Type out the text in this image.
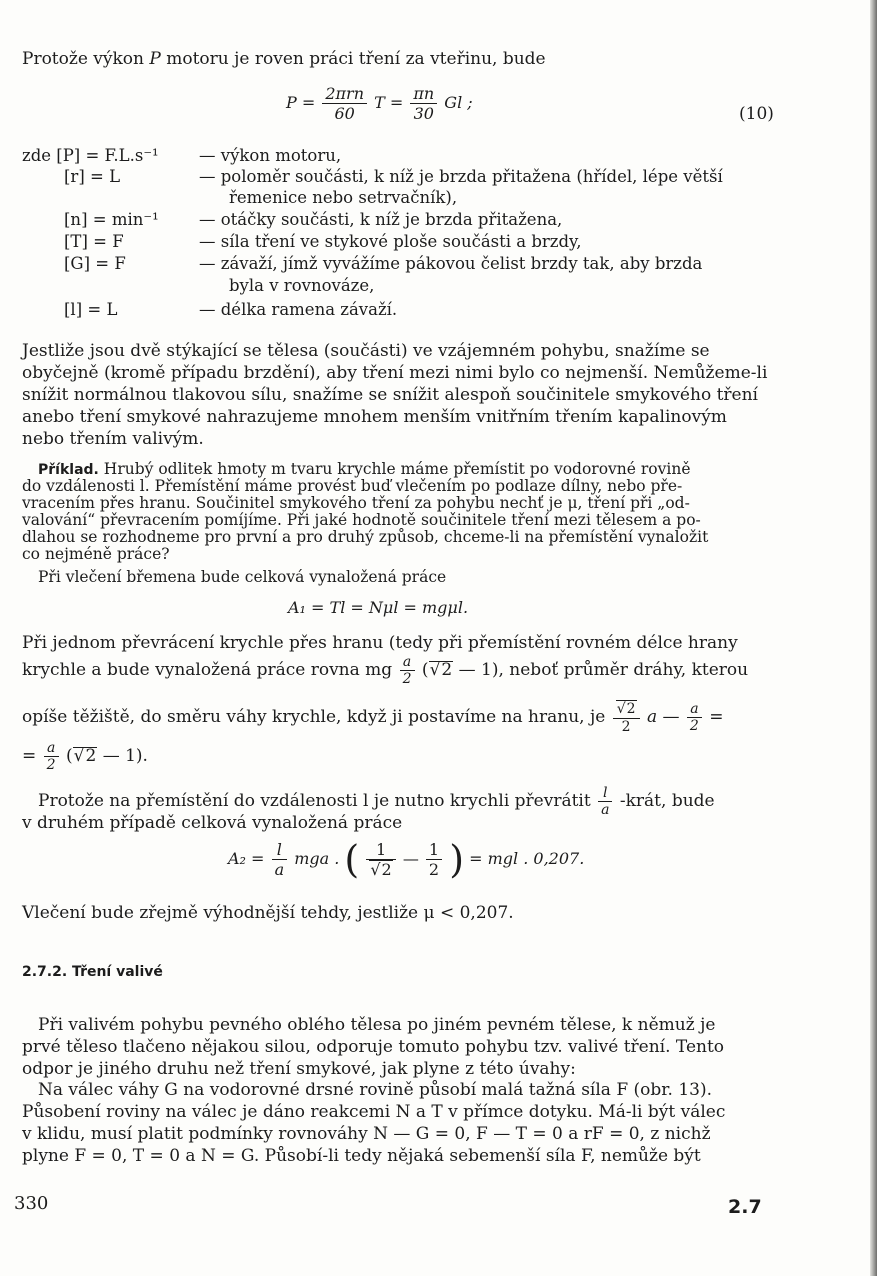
Protože výkon P motoru je roven práci tření za vteřinu, bude
$P = \frac{\text{2πrn}}{60}$ $T = \frac{\pi n}{30}$ Gl ;
(10)
zde [P] = F.L.s⁻¹ — výkon motoru,
[r] = L	— poloměr součásti, k níž je brzda přitažena (hřídel, lépe větší
řemenice nebo setrvačník),
[n] = min⁻¹ — otáčky součásti, k níž je brzda přitažena,
[T] = F	— síla tření ve stykové ploše součásti a brzdy,
[G] = F	— závaží, jímž vyvážíme pákovou čelist brzdy tak, aby brzda
byla v rovnováze,
[l] = L	— délka ramena závaží.
Jestliže jsou dvě stýkající se tělesa (součásti) ve vzájemném pohybu, snažíme se
obyčejně (kromě případu brzdění), aby tření mezi nimi bylo co nejmenší. Nemůžeme-li
snížit normálnou tlakovou sílu, snažíme se snížit alespoň součinitele smykového tření
anebo tření smykové nahrazujeme mnohem menším vnitřním třením kapalinovým
nebo třením valivým.
Příklad. Hrubý odlitek hmoty m tvaru krychle máme přemístit po vodorovné rovině
do vzdálenosti l. Přemístění máme provést buď vlečením po podlaze dílny, nebo pře-
vracením přes hranu. Součinitel smykového tření za pohybu nechť je μ, tření při „od-
valování“ převracením pomíjíme. Při jaké hodnotě součinitele tření mezi tělesem a po-
dlahou se rozhodneme pro první a pro druhý způsob, chceme-li na přemístění vynaložit
co nejméně práce?
Při vlečení břemena bude celková vynaložená práce
A₁ = Tl = Nμl = mgμl.
Při jednom převrácení krychle přes hranu (tedy při přemístění rovném délce hrany
krychle a bude vynaložená práce rovna mg $\frac{a}{2}$ ( √ 2 — 1), neboť průměr dráhy, kterou
opíše těžiště, do směru váhy krychle, když ji postavíme na hranu, je √ $\frac{2}{2}$ a — $\frac{a}{2}$ =
= $\frac{a}{2}$ ( √ 2 — 1).
Protože na přemístění do vzdálenosti l je nutno krychli převrátit $\frac{l}{a}$ -krát, bude
v druhém případě celková vynaložená práce
$A_2 = \frac{l}{a}$ mga . ( 1
√ 2 — $\frac{1}{2}$ ) = mgl . 0,207.
Vlečení bude zřejmě výhodnější tehdy, jestliže μ < 0,207.
2.7.2. Tření valivé
Při valivém pohybu pevného oblého tělesa po jiném pevném tělese, k němuž je
prvé těleso tlačeno nějakou silou, odporuje tomuto pohybu tzv. valivé tření. Tento
odpor je jiného druhu než tření smykové, jak plyne z této úvahy:
Na válec váhy G na vodorovné drsné rovině působí malá tažná síla F (obr. 13).
Působení roviny na válec je dáno reakcemi N a T v přímce dotyku. Má-li být válec
v klidu, musí platit podmínky rovnováhy N — G = 0, F — T = 0 a rF = 0, z nichž
plyne F = 0, T = 0 a N = G. Působí-li tedy nějaká sebemenší síla F, nemůže být
330	2.7
